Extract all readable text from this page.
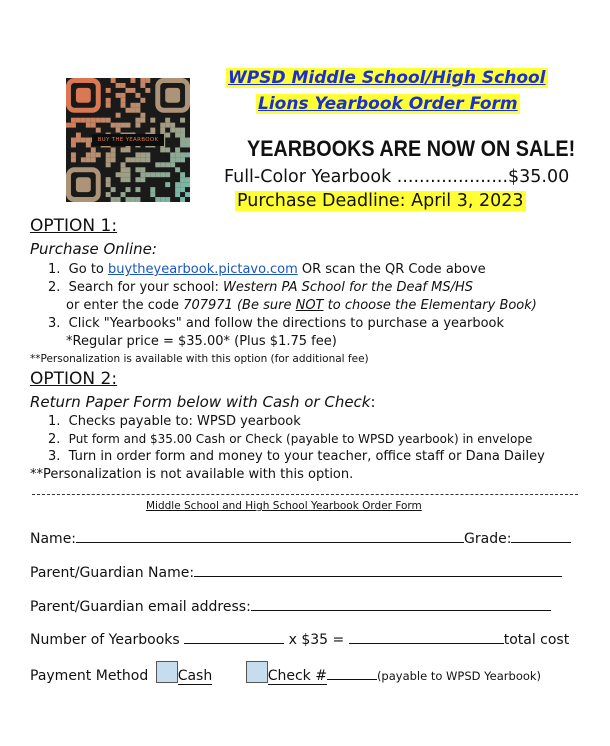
BUY THE YEARBOOK
WPSD Middle School/High School
Lions Yearbook Order Form
YEARBOOKS ARE NOW ON SALE!
Full-Color Yearbook ....................$35.00
Purchase Deadline: April 3, 2023
OPTION 1:
Purchase Online:
1. Go to buytheyearbook.pictavo.com OR scan the QR Code above
2. Search for your school: Western PA School for the Deaf MS/HS
or enter the code 707971 (Be sure NOT to choose the Elementary Book)
3. Click "Yearbooks" and follow the directions to purchase a yearbook
*Regular price = $35.00* (Plus $1.75 fee)
**Personalization is available with this option (for additional fee)
OPTION 2:
Return Paper Form below with Cash or Check:
1. Checks payable to: WPSD yearbook
2. Put form and $35.00 Cash or Check (payable to WPSD yearbook) in envelope
3. Turn in order form and money to your teacher, office staff or Dana Dailey
**Personalization is not available with this option.
Middle School and High School Yearbook Order Form
Name:	Grade:
Parent/Guardian Name:
Parent/Guardian email address:
Number of Yearbooks	x $35 =	total cost
Payment Method Cash	Check #	(payable to WPSD Yearbook)
